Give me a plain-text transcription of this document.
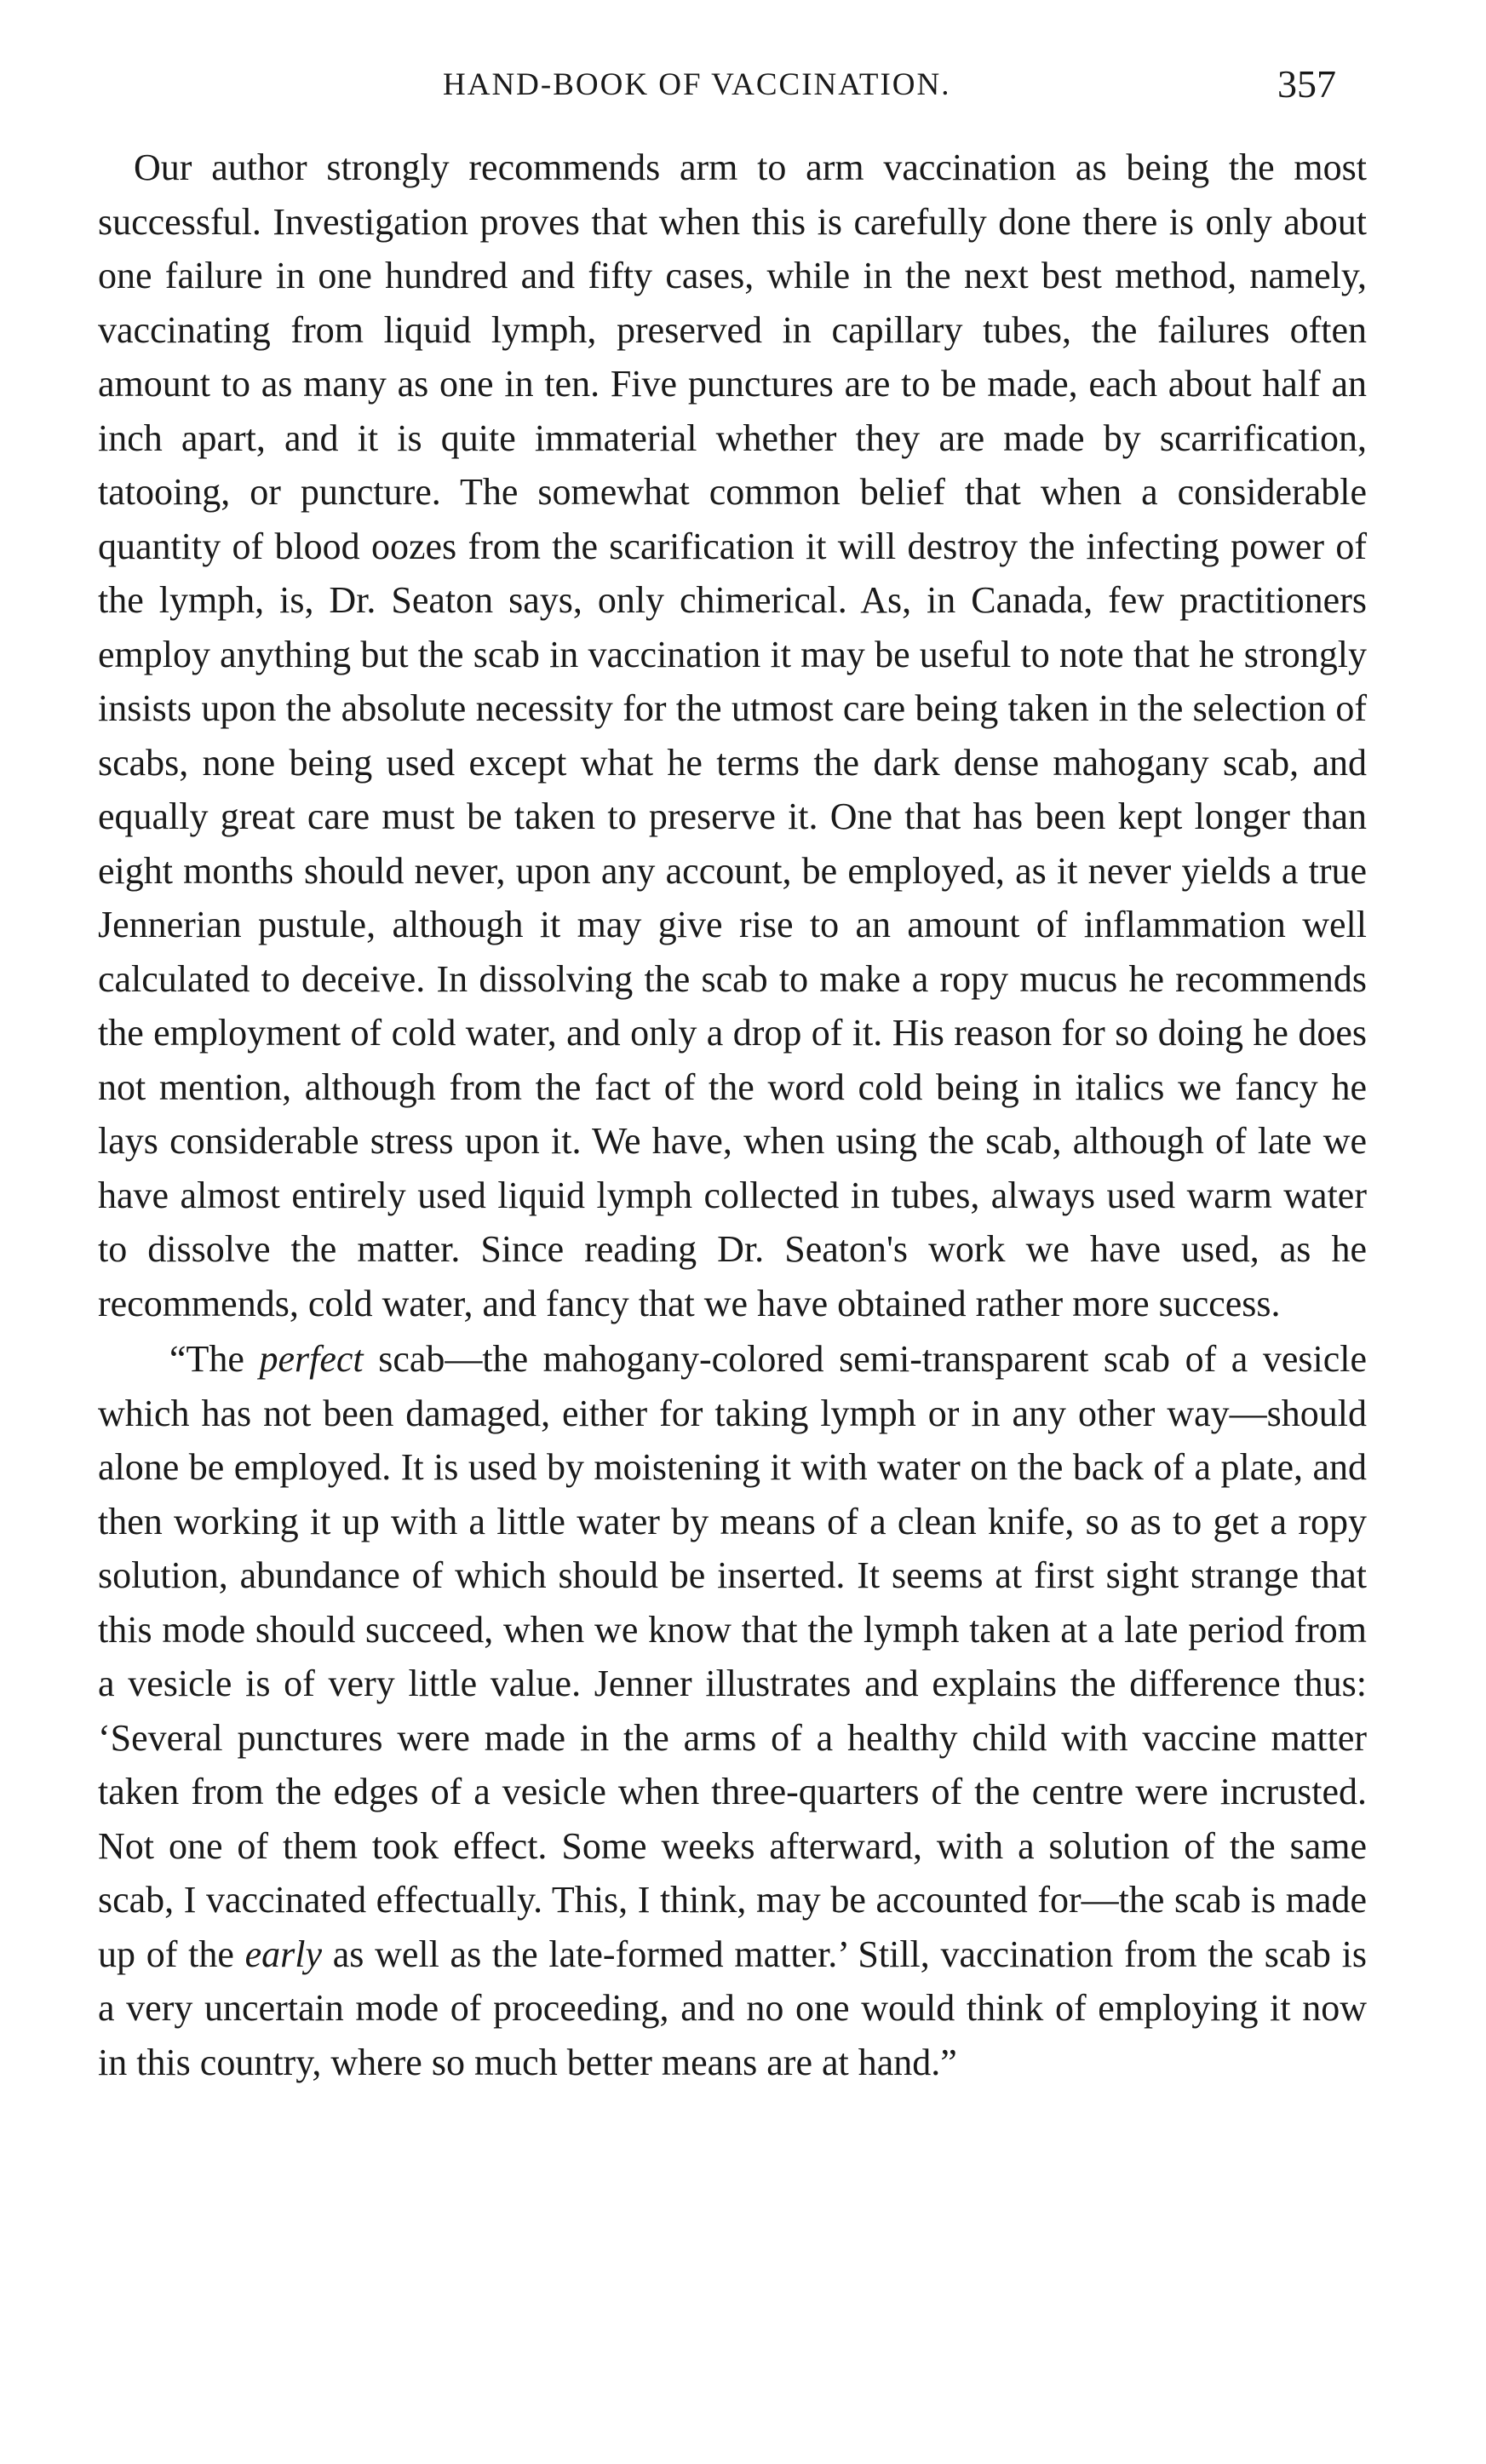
HAND-BOOK OF VACCINATION.	357

Our author strongly recommends arm to arm vaccination as being the most successful. Investigation proves that when this is carefully done there is only about one failure in one hundred and fifty cases, while in the next best method, namely, vaccinating from liquid lymph, preserved in capillary tubes, the failures often amount to as many as one in ten. Five punctures are to be made, each about half an inch apart, and it is quite immaterial whether they are made by scarrification, tatooing, or puncture. The somewhat common belief that when a considerable quantity of blood oozes from the scarification it will destroy the infecting power of the lymph, is, Dr. Seaton says, only chimerical. As, in Canada, few practitioners employ anything but the scab in vaccination it may be useful to note that he strongly insists upon the absolute necessity for the utmost care being taken in the selection of scabs, none being used except what he terms the dark dense mahogany scab, and equally great care must be taken to preserve it. One that has been kept longer than eight months should never, upon any account, be employed, as it never yields a true Jennerian pustule, although it may give rise to an amount of inflammation well calculated to deceive. In dissolving the scab to make a ropy mucus he recommends the employment of cold water, and only a drop of it. His reason for so doing he does not mention, although from the fact of the word cold being in italics we fancy he lays considerable stress upon it. We have, when using the scab, although of late we have almost entirely used liquid lymph collected in tubes, always used warm water to dissolve the matter. Since reading Dr. Seaton's work we have used, as he recommends, cold water, and fancy that we have obtained rather more success.

“The perfect scab—the mahogany-colored semi-transparent scab of a vesicle which has not been damaged, either for taking lymph or in any other way—should alone be employed. It is used by moistening it with water on the back of a plate, and then working it up with a little water by means of a clean knife, so as to get a ropy solution, abundance of which should be inserted. It seems at first sight strange that this mode should succeed, when we know that the lymph taken at a late period from a vesicle is of very little value. Jenner illustrates and explains the difference thus: ‘Several punctures were made in the arms of a healthy child with vaccine matter taken from the edges of a vesicle when three-quarters of the centre were incrusted. Not one of them took effect. Some weeks afterward, with a solution of the same scab, I vaccinated effectually. This, I think, may be accounted for—the scab is made up of the early as well as the late-formed matter.’ Still, vaccination from the scab is a very uncertain mode of proceeding, and no one would think of employing it now in this country, where so much better means are at hand.”
